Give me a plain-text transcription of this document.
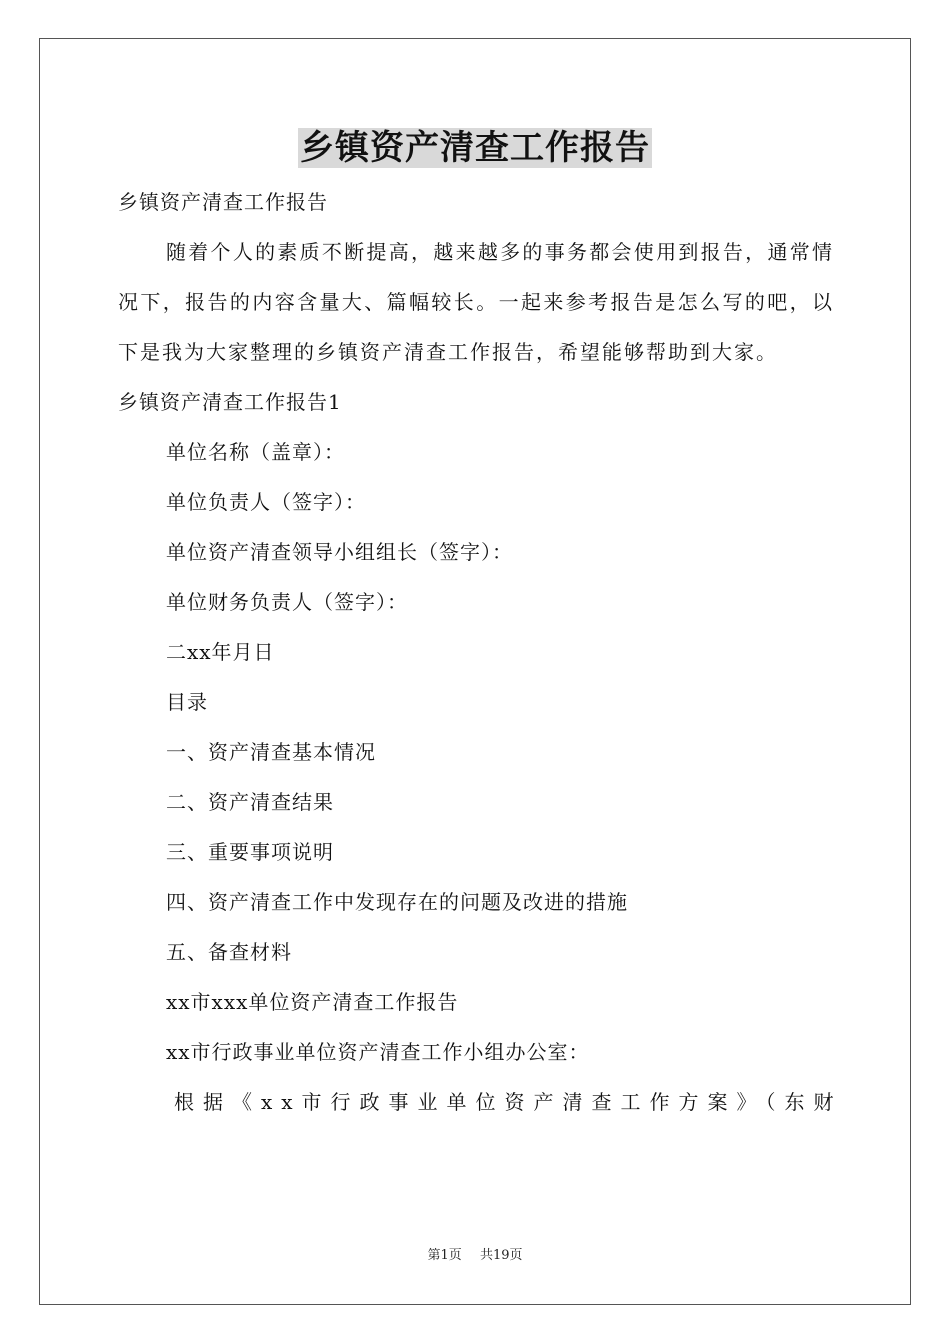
乡镇资产清查工作报告
乡镇资产清查工作报告

随着个人的素质不断提高，越来越多的事务都会使用到报告，通常情况下，报告的内容含量大、篇幅较长。一起来参考报告是怎么写的吧，以下是我为大家整理的乡镇资产清查工作报告，希望能够帮助到大家。

乡镇资产清查工作报告1
单位名称（盖章）：
单位负责人（签字）：
单位资产清查领导小组组长（签字）：
单位财务负责人（签字）：
二xx年月日
目录
一、资产清查基本情况
二、资产清查结果
三、重要事项说明
四、资产清查工作中发现存在的问题及改进的措施
五、备查材料
xx市xxx单位资产清查工作报告
xx市行政事业单位资产清查工作小组办公室：
根据《xx市行政事业单位资产清查工作方案》（东财
第1页 共19页
